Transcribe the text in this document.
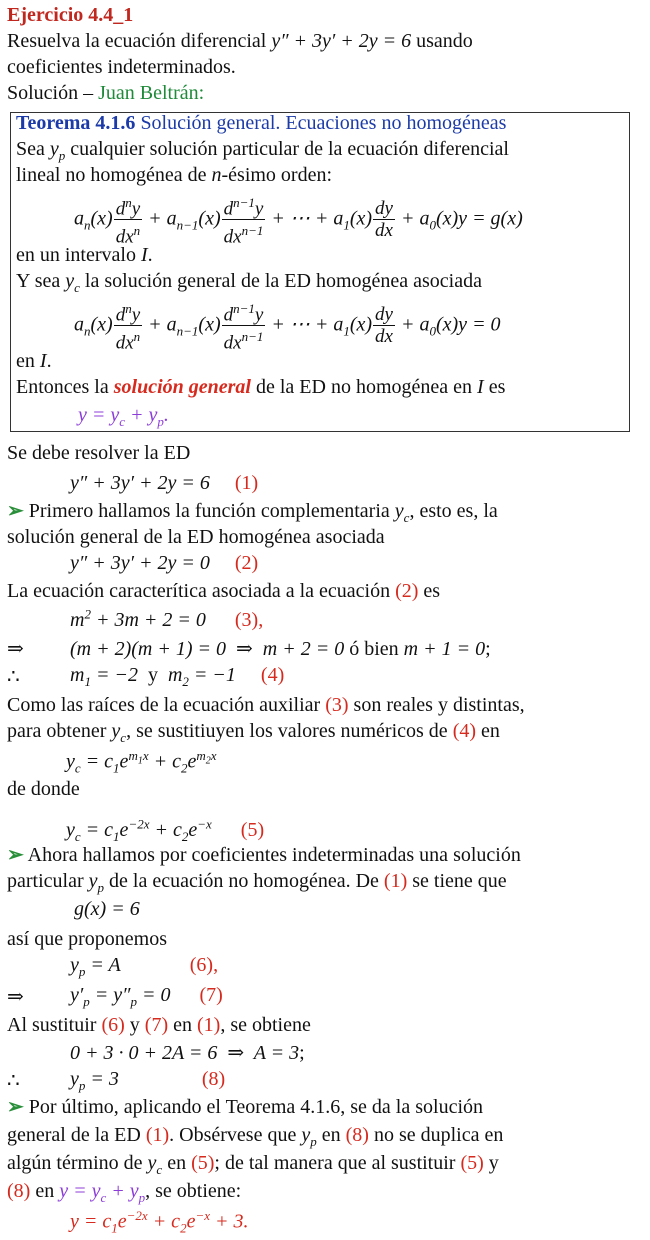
Ejercicio 4.4_1
Resuelva la ecuación diferencial y″ + 3y′ + 2y = 6 usando
coeficientes indeterminados.
Solución – Juan Beltrán:
Teorema 4.1.6 Solución general. Ecuaciones no homogéneas
Sea $y_p$ cualquier solución particular de la ecuación diferencial
lineal no homogénea de n-ésimo orden:
$a_n(x) \frac{d^ny}{dx^n} + a_{n-1}(x) \frac{d^{n-1}y}{dx^{n-1}}$ + ⋯ + $a_1(x) \frac{dy}{dx} + a_0(x)y = g(x)$
en un intervalo I.
Y sea $y_c$ la solución general de la ED homogénea asociada
$a_n(x) \frac{d^ny}{dx^n} + a_{n-1}(x) \frac{d^{n-1}y}{dx^{n-1}}$ + ⋯ + $a_1(x) \frac{dy}{dx} + a_0(x)y = 0$
en I.
Entonces la solución general de la ED no homogénea en I es
$y = y_c + y_p$.
Se debe resolver la ED
y″ + 3y′ + 2y = 6 (1)
➢ Primero hallamos la función complementaria $y_c$, esto es, la
solución general de la ED homogénea asociada
y″ + 3y′ + 2y = 0 (2)
La ecuación caracterítica asociada a la ecuación (2) es
$m^2 + 3m + 2 = 0$ (3),
⇒ (m + 2)(m + 1) = 0  ⇒  m + 2 = 0 ó bien m + 1 = 0;
∴	$m_1 = -2$  y  $m_2 = -1$ (4)
Como las raíces de la ecuación auxiliar (3) son reales y distintas,
para obtener $y_c$, se sustitiuyen los valores numéricos de (4) en
$y_c = c_1e^{m_1x} + c_2e^{m_2x}$
de donde
$y_c = c_1e^{-2x} + c_2e^{-x}$ (5)
➢ Ahora hallamos por coeficientes indeterminadas una solución
particular $y_p$ de la ecuación no homogénea. De (1) se tiene que
g(x) = 6
así que proponemos
$y_p = A$	(6),
⇒ $y'_p = y''_p = 0$ (7)
Al sustituir (6) y (7) en (1), se obtiene
0 + 3 · 0 + 2A = 6  ⇒  A = 3;
∴	$y_p = 3$	(8)
➢ Por último, aplicando el Teorema 4.1.6, se da la solución
general de la ED (1). Obsérvese que $y_p$ en (8) no se duplica en
algún término de $y_c$ en (5); de tal manera que al sustituir (5) y
(8) en $y = y_c + y_p$, se obtiene:
$y = c_1e^{-2x} + c_2e^{-x} + 3$.
